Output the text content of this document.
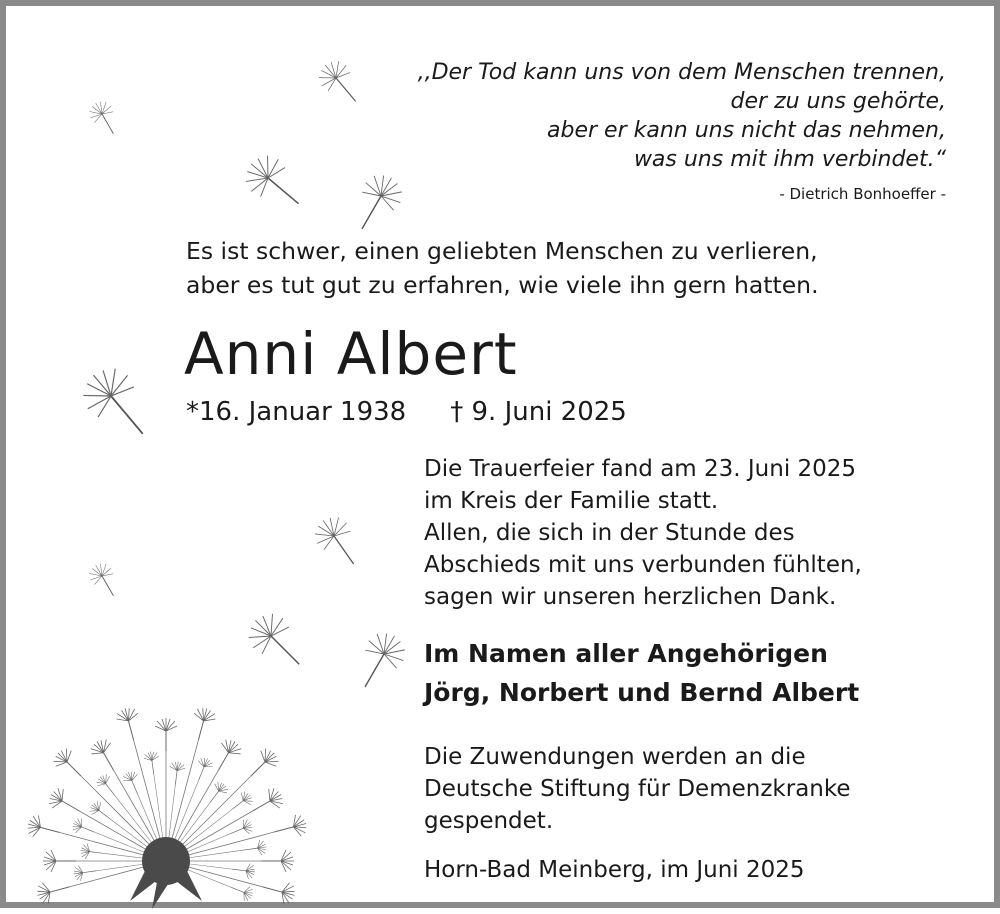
,,Der Tod kann uns von dem Menschen trennen,
der zu uns gehörte,
aber er kann uns nicht das nehmen,
was uns mit ihm verbindet.“
- Dietrich Bonhoeffer -
Es ist schwer, einen geliebten Menschen zu verlieren,
aber es tut gut zu erfahren, wie viele ihn gern hatten.
Anni Albert
*16. Januar 1938 † 9. Juni 2025
Die Trauerfeier fand am 23. Juni 2025
im Kreis der Familie statt.
Allen, die sich in der Stunde des
Abschieds mit uns verbunden fühlten,
sagen wir unseren herzlichen Dank.
Im Namen aller Angehörigen
Jörg, Norbert und Bernd Albert
Die Zuwendungen werden an die
Deutsche Stiftung für Demenzkranke
gespendet.
Horn-Bad Meinberg, im Juni 2025
